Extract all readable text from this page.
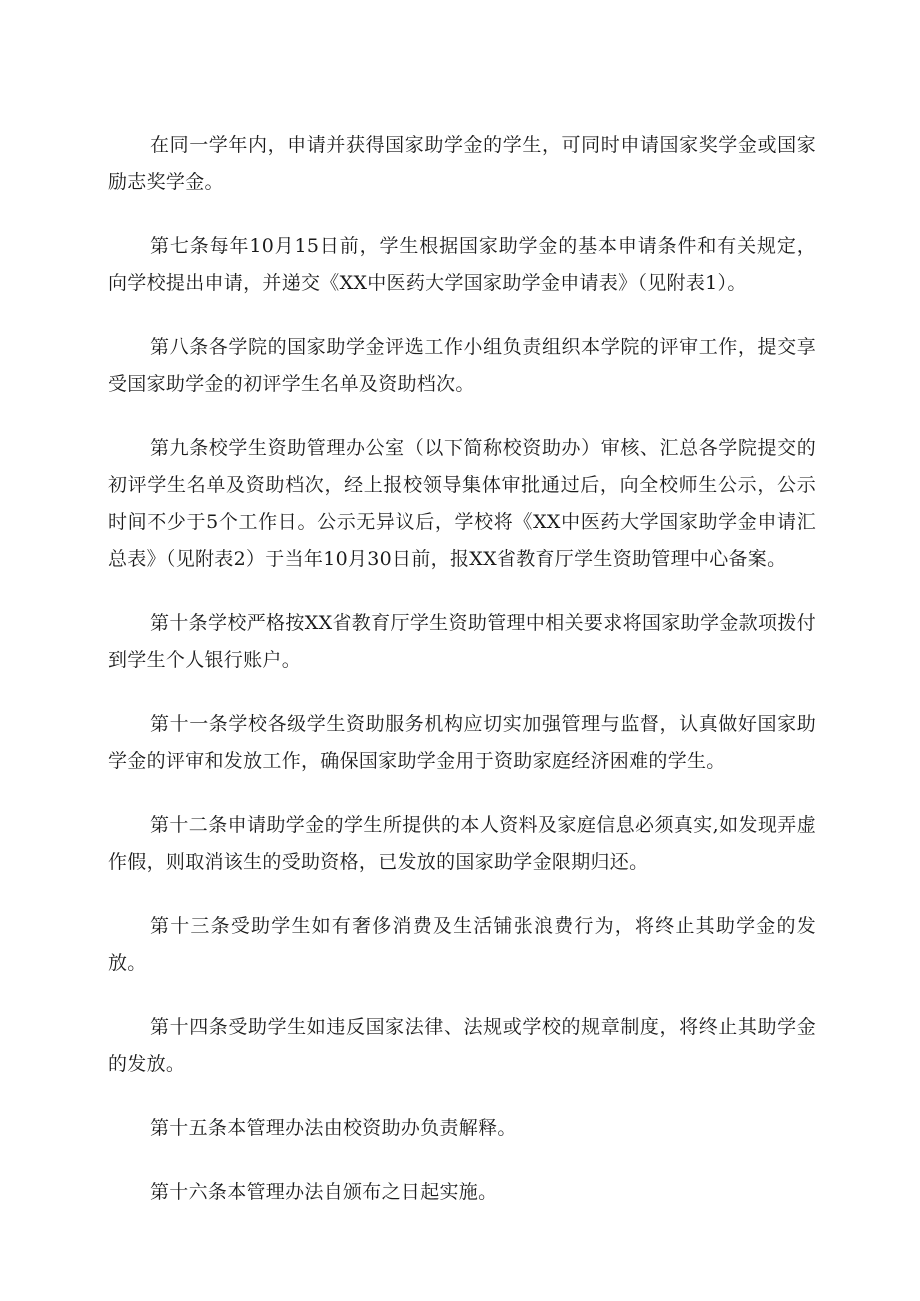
在同一学年内，申请并获得国家助学金的学生，可同时申请国家奖学金或国家励志奖学金。

第七条每年10月15日前，学生根据国家助学金的基本申请条件和有关规定，向学校提出申请，并递交《XX中医药大学国家助学金申请表》（见附表1）。

第八条各学院的国家助学金评选工作小组负责组织本学院的评审工作，提交享受国家助学金的初评学生名单及资助档次。

第九条校学生资助管理办公室（以下简称校资助办）审核、汇总各学院提交的初评学生名单及资助档次，经上报校领导集体审批通过后，向全校师生公示，公示时间不少于5个工作日。公示无异议后，学校将《XX中医药大学国家助学金申请汇总表》（见附表2）于当年10月30日前，报XX省教育厅学生资助管理中心备案。

第十条学校严格按XX省教育厅学生资助管理中相关要求将国家助学金款项拨付到学生个人银行账户。

第十一条学校各级学生资助服务机构应切实加强管理与监督，认真做好国家助学金的评审和发放工作，确保国家助学金用于资助家庭经济困难的学生。

第十二条申请助学金的学生所提供的本人资料及家庭信息必须真实,如发现弄虚作假，则取消该生的受助资格，已发放的国家助学金限期归还。

第十三条受助学生如有奢侈消费及生活铺张浪费行为，将终止其助学金的发放。

第十四条受助学生如违反国家法律、法规或学校的规章制度，将终止其助学金的发放。

第十五条本管理办法由校资助办负责解释。

第十六条本管理办法自颁布之日起实施。
